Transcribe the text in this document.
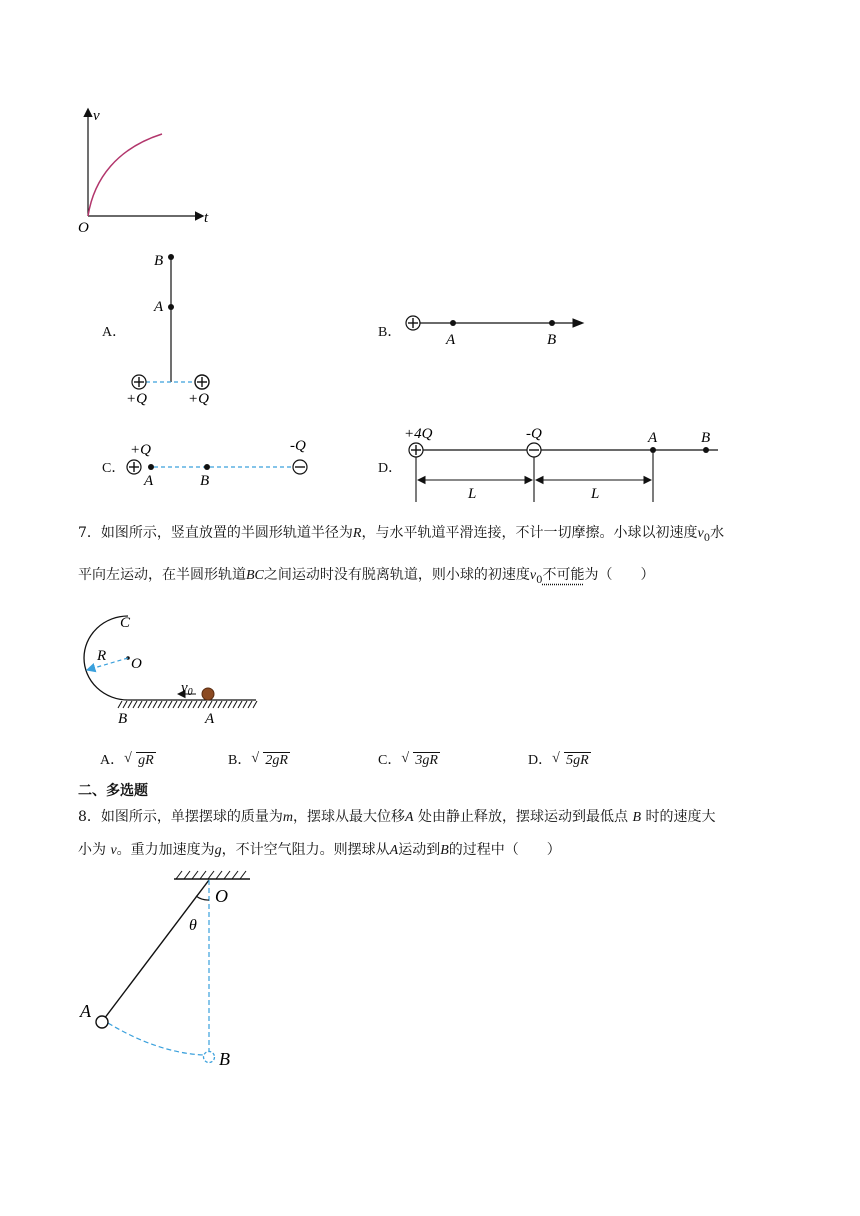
v
t
O
A．
B
A
+Q	+Q
B．	A	B
C．
+Q	-Q
A	B
D．
+4Q	-Q	A	B
L	L
7．如图所示，竖直放置的半圆形轨道半径为R，与水平轨道平滑连接，不计一切摩擦。小球以初速度$v_0$水
平向左运动，在半圆形轨道BC之间运动时没有脱离轨道，则小球的初速度$v_0$不可能为（　　）
C
R O
$v_0$
B	A
A． √ gR	B． √ 2gR	C． √ 3gR	D． √ 5gR
二、多选题
8．如图所示，单摆摆球的质量为m，摆球从最大位移A 处由静止释放，摆球运动到最低点 B 时的速度大
小为 v。重力加速度为g，不计空气阻力。则摆球从A运动到B的过程中（　　）
O
θ
A
B
